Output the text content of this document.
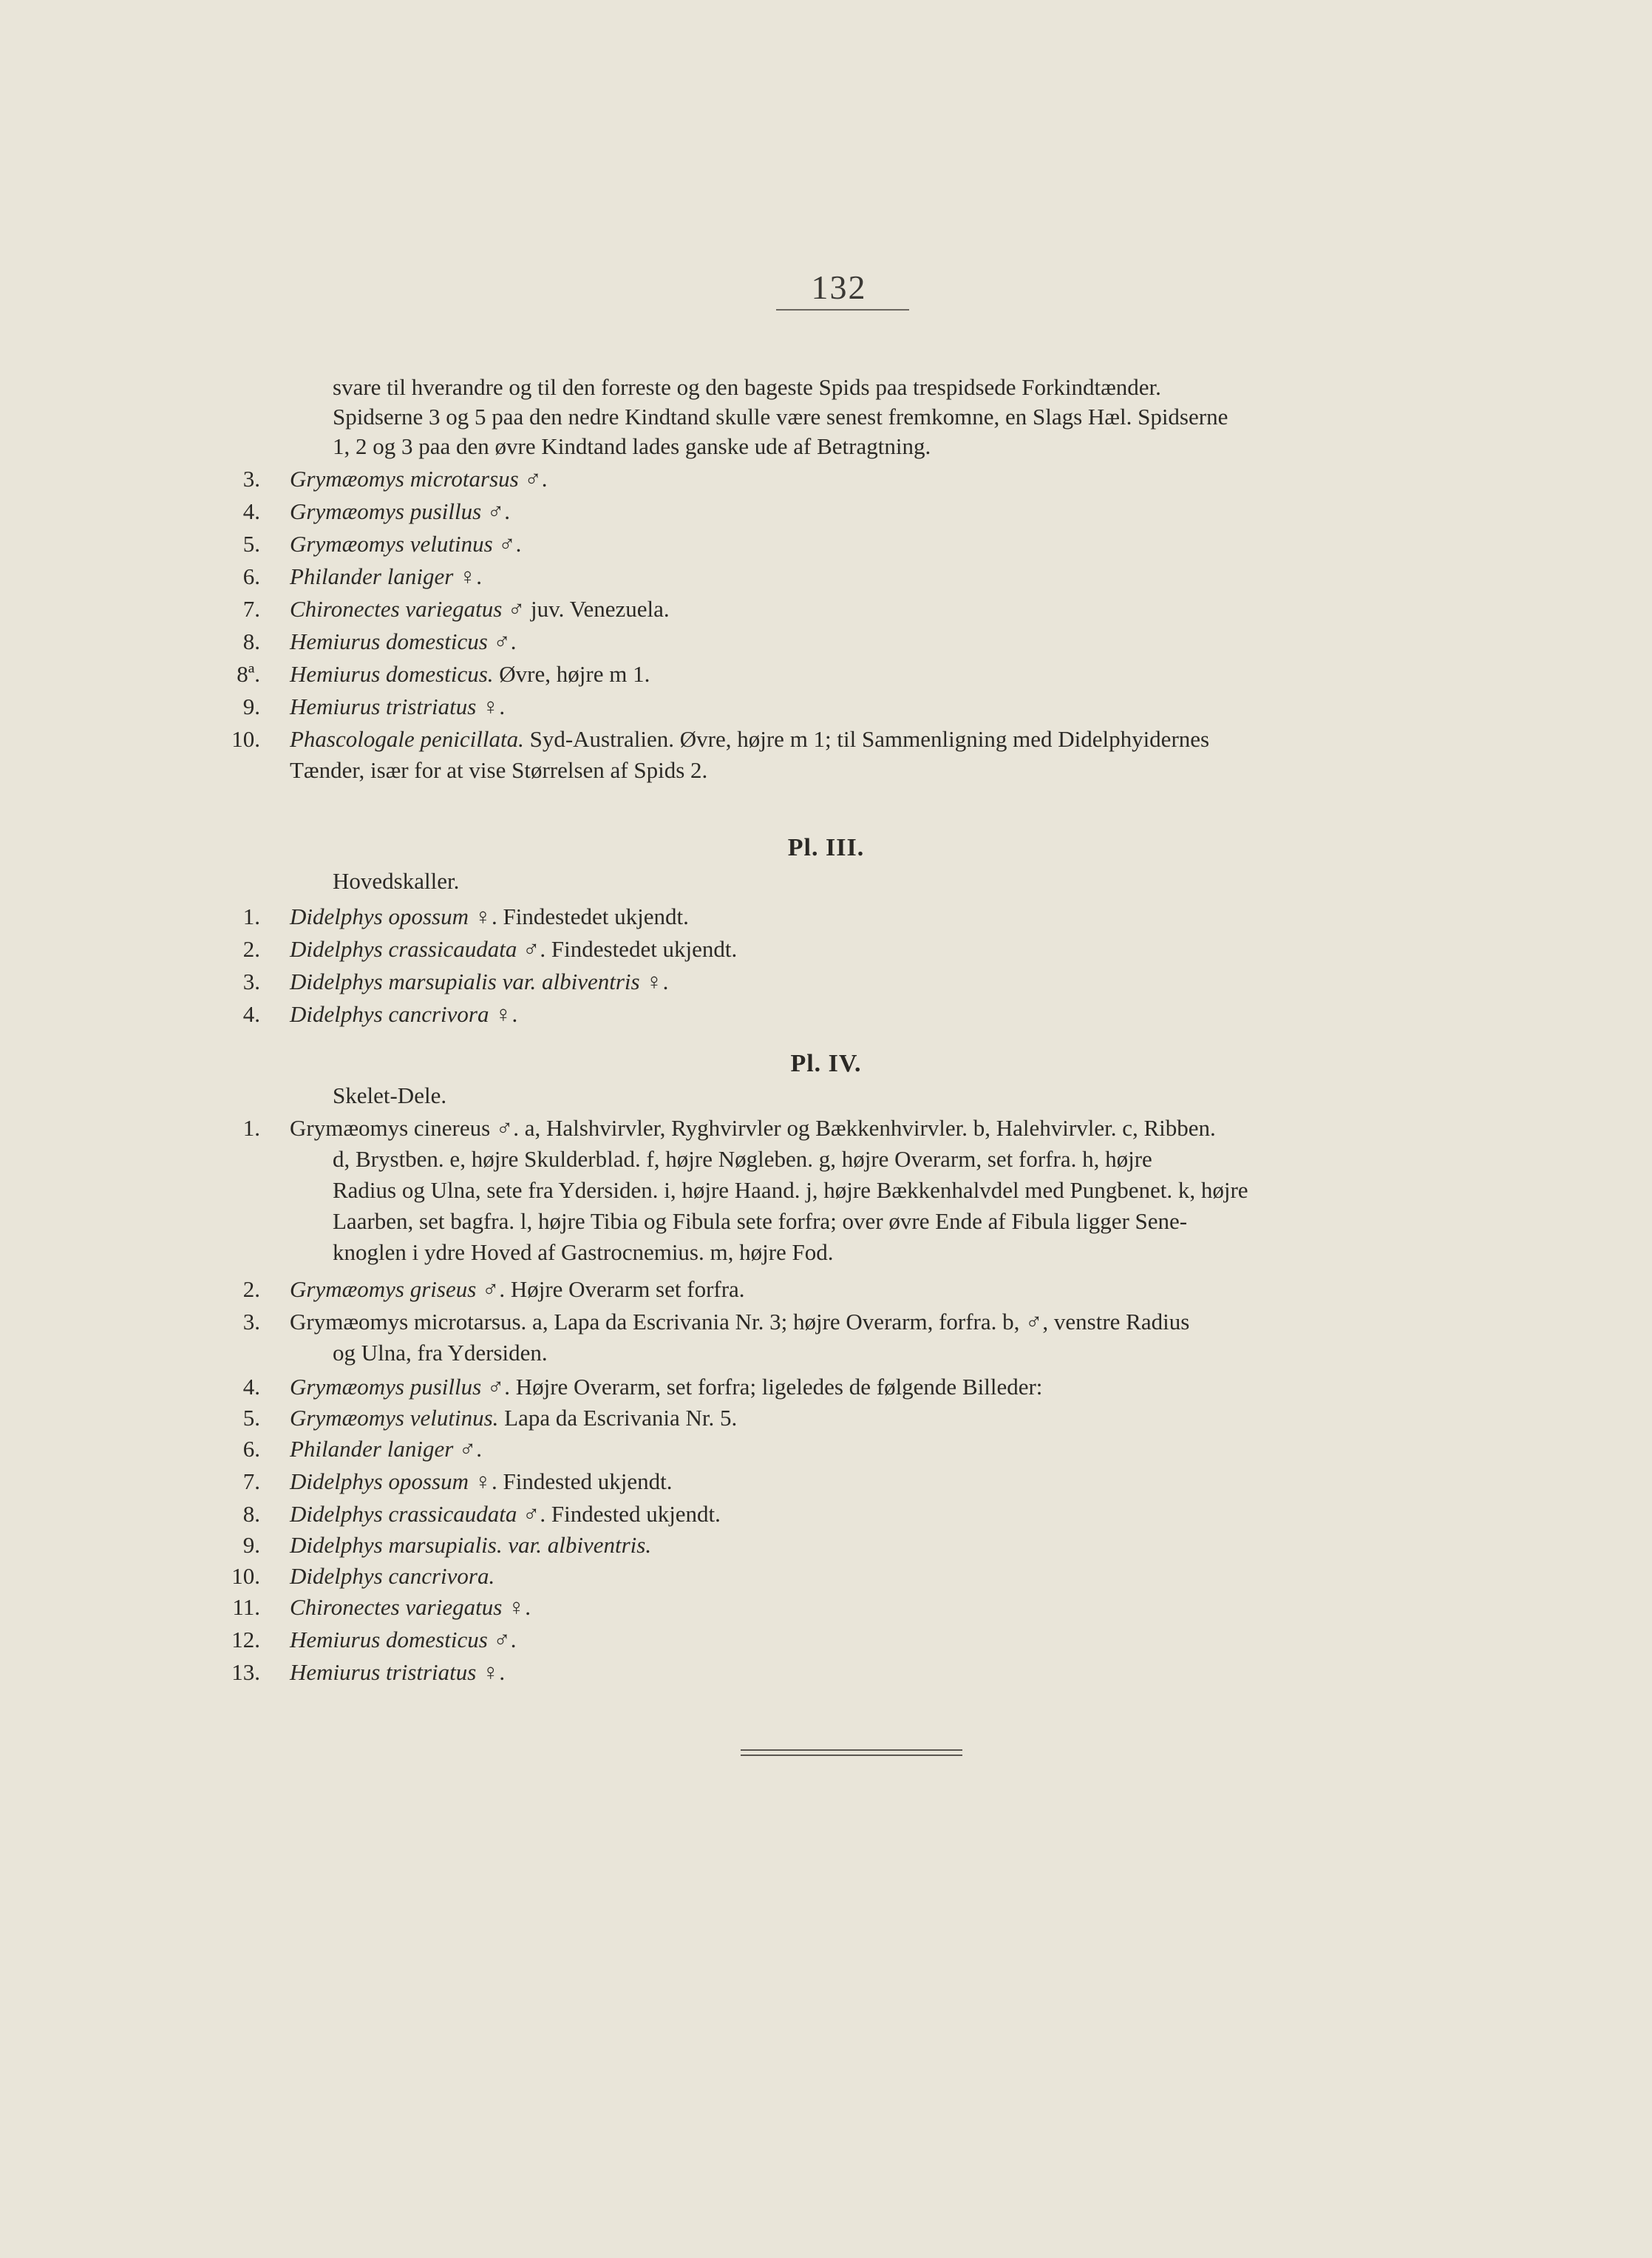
132
svare til hverandre og til den forreste og den bageste Spids paa trespidsede Forkindtænder.
Spidserne 3 og 5 paa den nedre Kindtand skulle være senest fremkomne, en Slags Hæl. Spidserne
1, 2 og 3 paa den øvre Kindtand lades ganske ude af Betragtning.
3. Grymæomys microtarsus ♂.
4. Grymæomys pusillus ♂.
5. Grymæomys velutinus ♂.
6. Philander laniger ♀.
7. Chironectes variegatus ♂ juv. Venezuela.
8. Hemiurus domesticus ♂.
8ª. Hemiurus domesticus. Øvre, højre m 1.
9. Hemiurus tristriatus ♀.
10. Phascologale penicillata. Syd-Australien. Øvre, højre m 1; til Sammenligning med Didelphyidernes
Tænder, især for at vise Størrelsen af Spids 2.
Pl. III.
Hovedskaller.
1. Didelphys opossum ♀. Findestedet ukjendt.
2. Didelphys crassicaudata ♂. Findestedet ukjendt.
3. Didelphys marsupialis var. albiventris ♀.
4. Didelphys cancrivora ♀.
Pl. IV.
Skelet-Dele.
1. Grymæomys cinereus ♂. a, Halshvirvler, Ryghvirvler og Bækkenhvirvler. b, Halehvirvler. c, Ribben.
d, Brystben. e, højre Skulderblad. f, højre Nøgleben. g, højre Overarm, set forfra. h, højre
Radius og Ulna, sete fra Ydersiden. i, højre Haand. j, højre Bækkenhalvdel med Pungbenet. k, højre
Laarben, set bagfra. l, højre Tibia og Fibula sete forfra; over øvre Ende af Fibula ligger Sene-
knoglen i ydre Hoved af Gastrocnemius. m, højre Fod.
2. Grymæomys griseus ♂. Højre Overarm set forfra.
3. Grymæomys microtarsus. a, Lapa da Escrivania Nr. 3; højre Overarm, forfra. b, ♂, venstre Radius
og Ulna, fra Ydersiden.
4. Grymæomys pusillus ♂. Højre Overarm, set forfra; ligeledes de følgende Billeder:
5. Grymæomys velutinus. Lapa da Escrivania Nr. 5.
6. Philander laniger ♂.
7. Didelphys opossum ♀. Findested ukjendt.
8. Didelphys crassicaudata ♂. Findested ukjendt.
9. Didelphys marsupialis. var. albiventris.
10. Didelphys cancrivora.
11. Chironectes variegatus ♀.
12. Hemiurus domesticus ♂.
13. Hemiurus tristriatus ♀.
